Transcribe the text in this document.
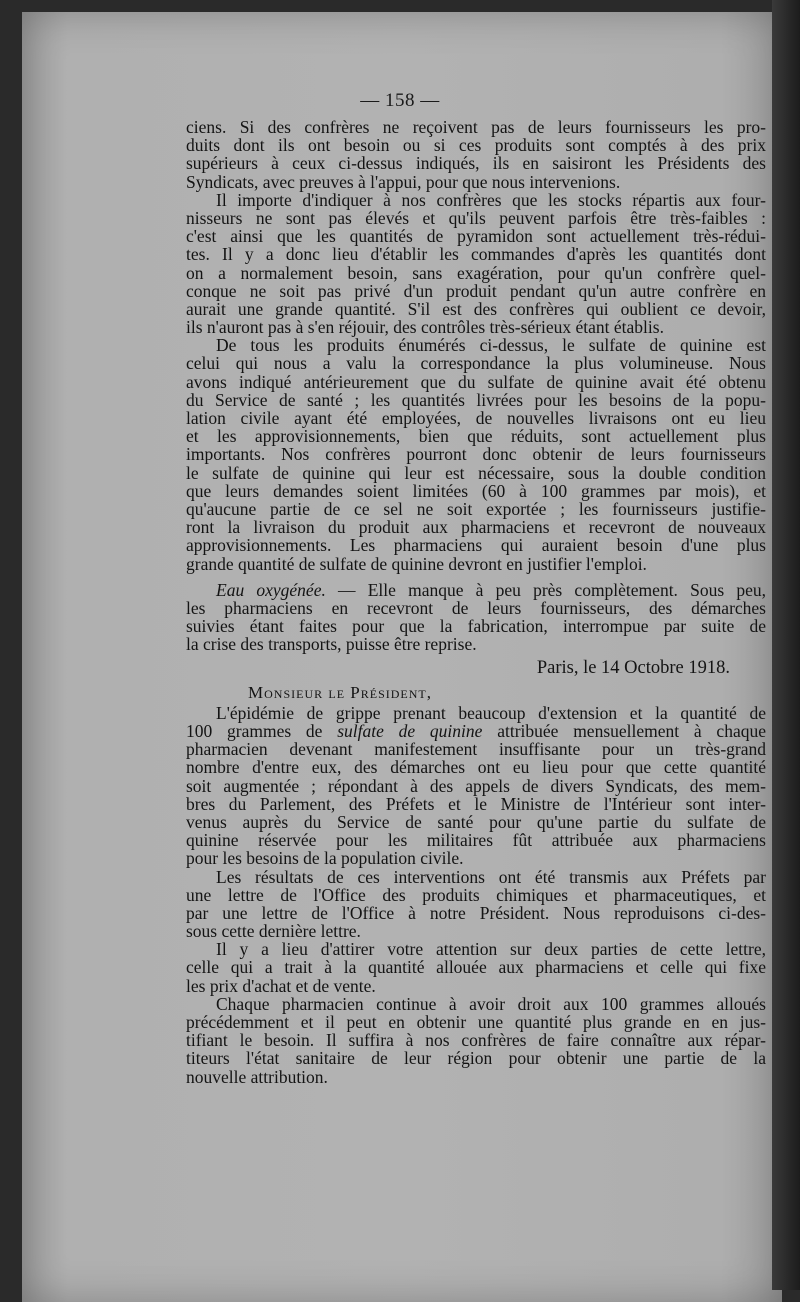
— 158 —
ciens. Si des confrères ne reçoivent pas de leurs fournisseurs les pro-
duits dont ils ont besoin ou si ces produits sont comptés à des prix
supérieurs à ceux ci-dessus indiqués, ils en saisiront les Présidents des
Syndicats, avec preuves à l'appui, pour que nous intervenions.
Il importe d'indiquer à nos confrères que les stocks répartis aux four-
nisseurs ne sont pas élevés et qu'ils peuvent parfois être très-faibles :
c'est ainsi que les quantités de pyramidon sont actuellement très-rédui-
tes. Il y a donc lieu d'établir les commandes d'après les quantités dont
on a normalement besoin, sans exagération, pour qu'un confrère quel-
conque ne soit pas privé d'un produit pendant qu'un autre confrère en
aurait une grande quantité. S'il est des confrères qui oublient ce devoir,
ils n'auront pas à s'en réjouir, des contrôles très-sérieux étant établis.
De tous les produits énumérés ci-dessus, le sulfate de quinine est
celui qui nous a valu la correspondance la plus volumineuse. Nous
avons indiqué antérieurement que du sulfate de quinine avait été obtenu
du Service de santé ; les quantités livrées pour les besoins de la popu-
lation civile ayant été employées, de nouvelles livraisons ont eu lieu
et les approvisionnements, bien que réduits, sont actuellement plus
importants. Nos confrères pourront donc obtenir de leurs fournisseurs
le sulfate de quinine qui leur est nécessaire, sous la double condition
que leurs demandes soient limitées (60 à 100 grammes par mois), et
qu'aucune partie de ce sel ne soit exportée ; les fournisseurs justifie-
ront la livraison du produit aux pharmaciens et recevront de nouveaux
approvisionnements. Les pharmaciens qui auraient besoin d'une plus
grande quantité de sulfate de quinine devront en justifier l'emploi.
Eau oxygénée. — Elle manque à peu près complètement. Sous peu,
les pharmaciens en recevront de leurs fournisseurs, des démarches
suivies étant faites pour que la fabrication, interrompue par suite de
la crise des transports, puisse être reprise.
Paris, le 14 Octobre 1918.
Monsieur le Président,
L'épidémie de grippe prenant beaucoup d'extension et la quantité de
100 grammes de sulfate de quinine attribuée mensuellement à chaque
pharmacien devenant manifestement insuffisante pour un très-grand
nombre d'entre eux, des démarches ont eu lieu pour que cette quantité
soit augmentée ; répondant à des appels de divers Syndicats, des mem-
bres du Parlement, des Préfets et le Ministre de l'Intérieur sont inter-
venus auprès du Service de santé pour qu'une partie du sulfate de
quinine réservée pour les militaires fût attribuée aux pharmaciens
pour les besoins de la population civile.
Les résultats de ces interventions ont été transmis aux Préfets par
une lettre de l'Office des produits chimiques et pharmaceutiques, et
par une lettre de l'Office à notre Président. Nous reproduisons ci-des-
sous cette dernière lettre.
Il y a lieu d'attirer votre attention sur deux parties de cette lettre,
celle qui a trait à la quantité allouée aux pharmaciens et celle qui fixe
les prix d'achat et de vente.
Chaque pharmacien continue à avoir droit aux 100 grammes alloués
précédemment et il peut en obtenir une quantité plus grande en en jus-
tifiant le besoin. Il suffira à nos confrères de faire connaître aux répar-
titeurs l'état sanitaire de leur région pour obtenir une partie de la
nouvelle attribution.
